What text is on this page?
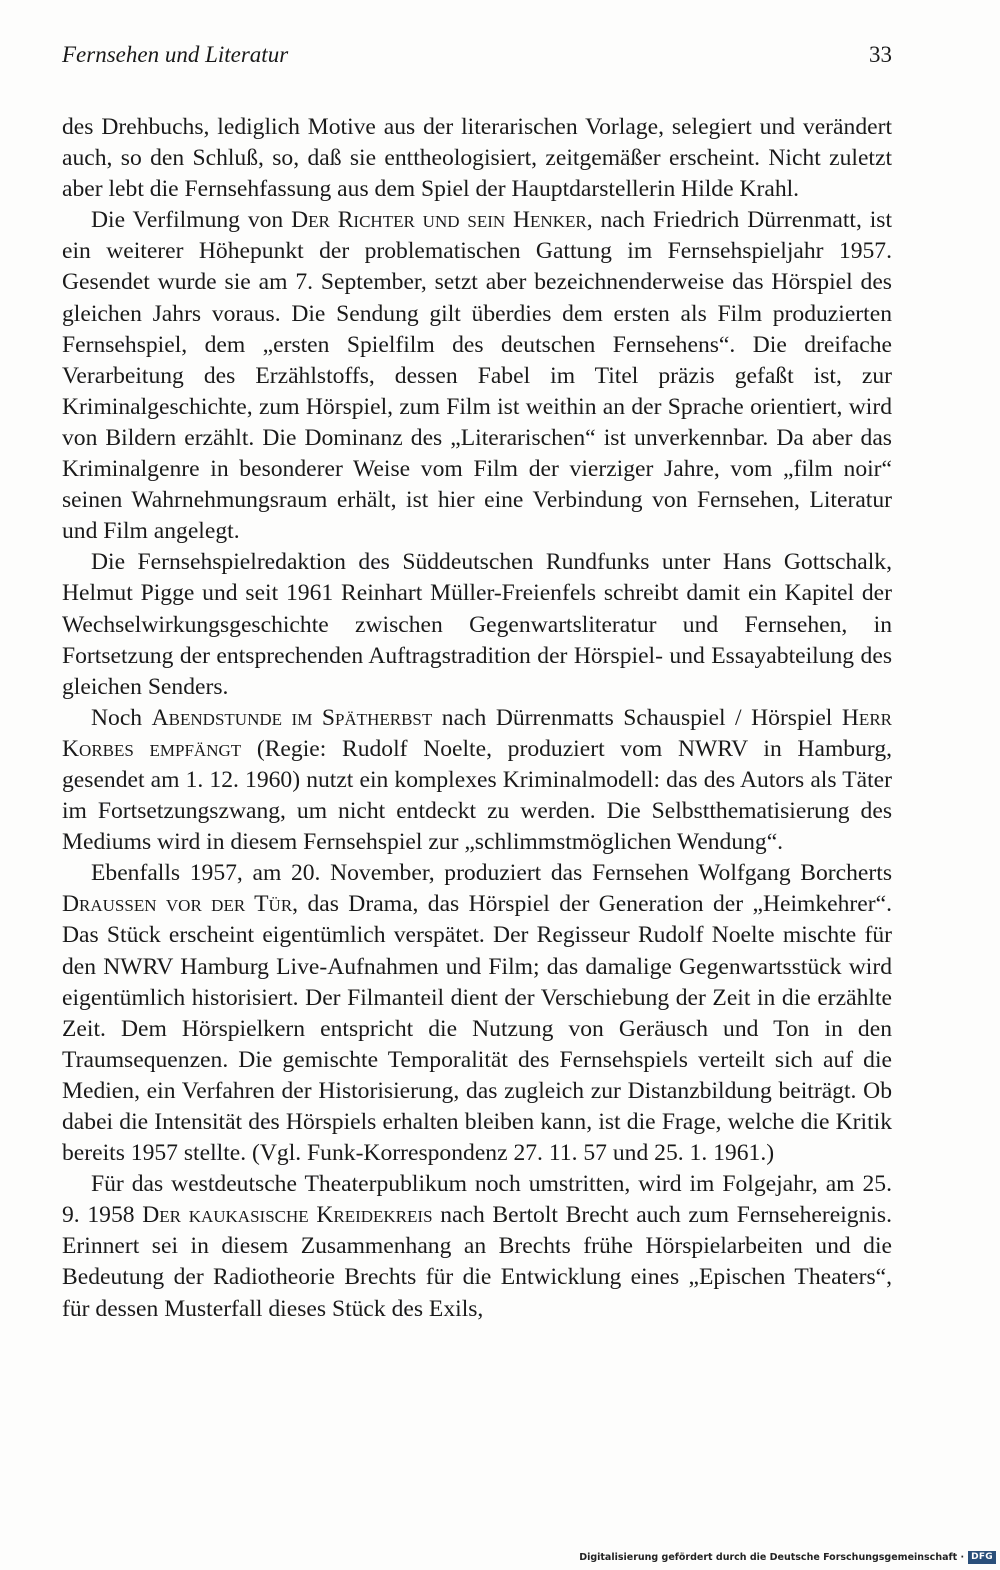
Fernsehen und Literatur	33

des Drehbuchs, lediglich Motive aus der literarischen Vorlage, selegiert und verändert auch, so den Schluß, so, daß sie enttheologisiert, zeitgemäßer erscheint. Nicht zuletzt aber lebt die Fernsehfassung aus dem Spiel der Hauptdarstellerin Hilde Krahl.

Die Verfilmung von Der Richter und sein Henker, nach Friedrich Dürrenmatt, ist ein weiterer Höhepunkt der problematischen Gattung im Fernsehspieljahr 1957. Gesendet wurde sie am 7. September, setzt aber bezeichnenderweise das Hörspiel des gleichen Jahrs voraus. Die Sendung gilt überdies dem ersten als Film produzierten Fernsehspiel, dem „ersten Spielfilm des deutschen Fernsehens“. Die dreifache Verarbeitung des Erzählstoffs, dessen Fabel im Titel präzis gefaßt ist, zur Kriminalgeschichte, zum Hörspiel, zum Film ist weithin an der Sprache orientiert, wird von Bildern erzählt. Die Dominanz des „Literarischen“ ist unverkennbar. Da aber das Kriminalgenre in besonderer Weise vom Film der vierziger Jahre, vom „film noir“ seinen Wahrnehmungsraum erhält, ist hier eine Verbindung von Fernsehen, Literatur und Film angelegt.

Die Fernsehspielredaktion des Süddeutschen Rundfunks unter Hans Gottschalk, Helmut Pigge und seit 1961 Reinhart Müller-Freienfels schreibt damit ein Kapitel der Wechselwirkungsgeschichte zwischen Gegenwartsliteratur und Fernsehen, in Fortsetzung der entsprechenden Auftragstradition der Hörspiel- und Essayabteilung des gleichen Senders.

Noch Abendstunde im Spätherbst nach Dürrenmatts Schauspiel / Hörspiel Herr Korbes empfängt (Regie: Rudolf Noelte, produziert vom NWRV in Hamburg, gesendet am 1. 12. 1960) nutzt ein komplexes Kriminalmodell: das des Autors als Täter im Fortsetzungszwang, um nicht entdeckt zu werden. Die Selbstthematisierung des Mediums wird in diesem Fernsehspiel zur „schlimmstmöglichen Wendung“.

Ebenfalls 1957, am 20. November, produziert das Fernsehen Wolfgang Borcherts Draussen vor der Tür, das Drama, das Hörspiel der Generation der „Heimkehrer“. Das Stück erscheint eigentümlich verspätet. Der Regisseur Rudolf Noelte mischte für den NWRV Hamburg Live-Aufnahmen und Film; das damalige Gegenwartsstück wird eigentümlich historisiert. Der Filmanteil dient der Verschiebung der Zeit in die erzählte Zeit. Dem Hörspielkern entspricht die Nutzung von Geräusch und Ton in den Traumsequenzen. Die gemischte Temporalität des Fernsehspiels verteilt sich auf die Medien, ein Verfahren der Historisierung, das zugleich zur Distanzbildung beiträgt. Ob dabei die Intensität des Hörspiels erhalten bleiben kann, ist die Frage, welche die Kritik bereits 1957 stellte. (Vgl. Funk-Korrespondenz 27. 11. 57 und 25. 1. 1961.)

Für das westdeutsche Theaterpublikum noch umstritten, wird im Folgejahr, am 25. 9. 1958 Der kaukasische Kreidekreis nach Bertolt Brecht auch zum Fernsehereignis. Erinnert sei in diesem Zusammenhang an Brechts frühe Hörspielarbeiten und die Bedeutung der Radiotheorie Brechts für die Entwicklung eines „Epischen Theaters“, für dessen Musterfall dieses Stück des Exils,

Digitalisierung gefördert durch die Deutsche Forschungsgemeinschaft · DFG
